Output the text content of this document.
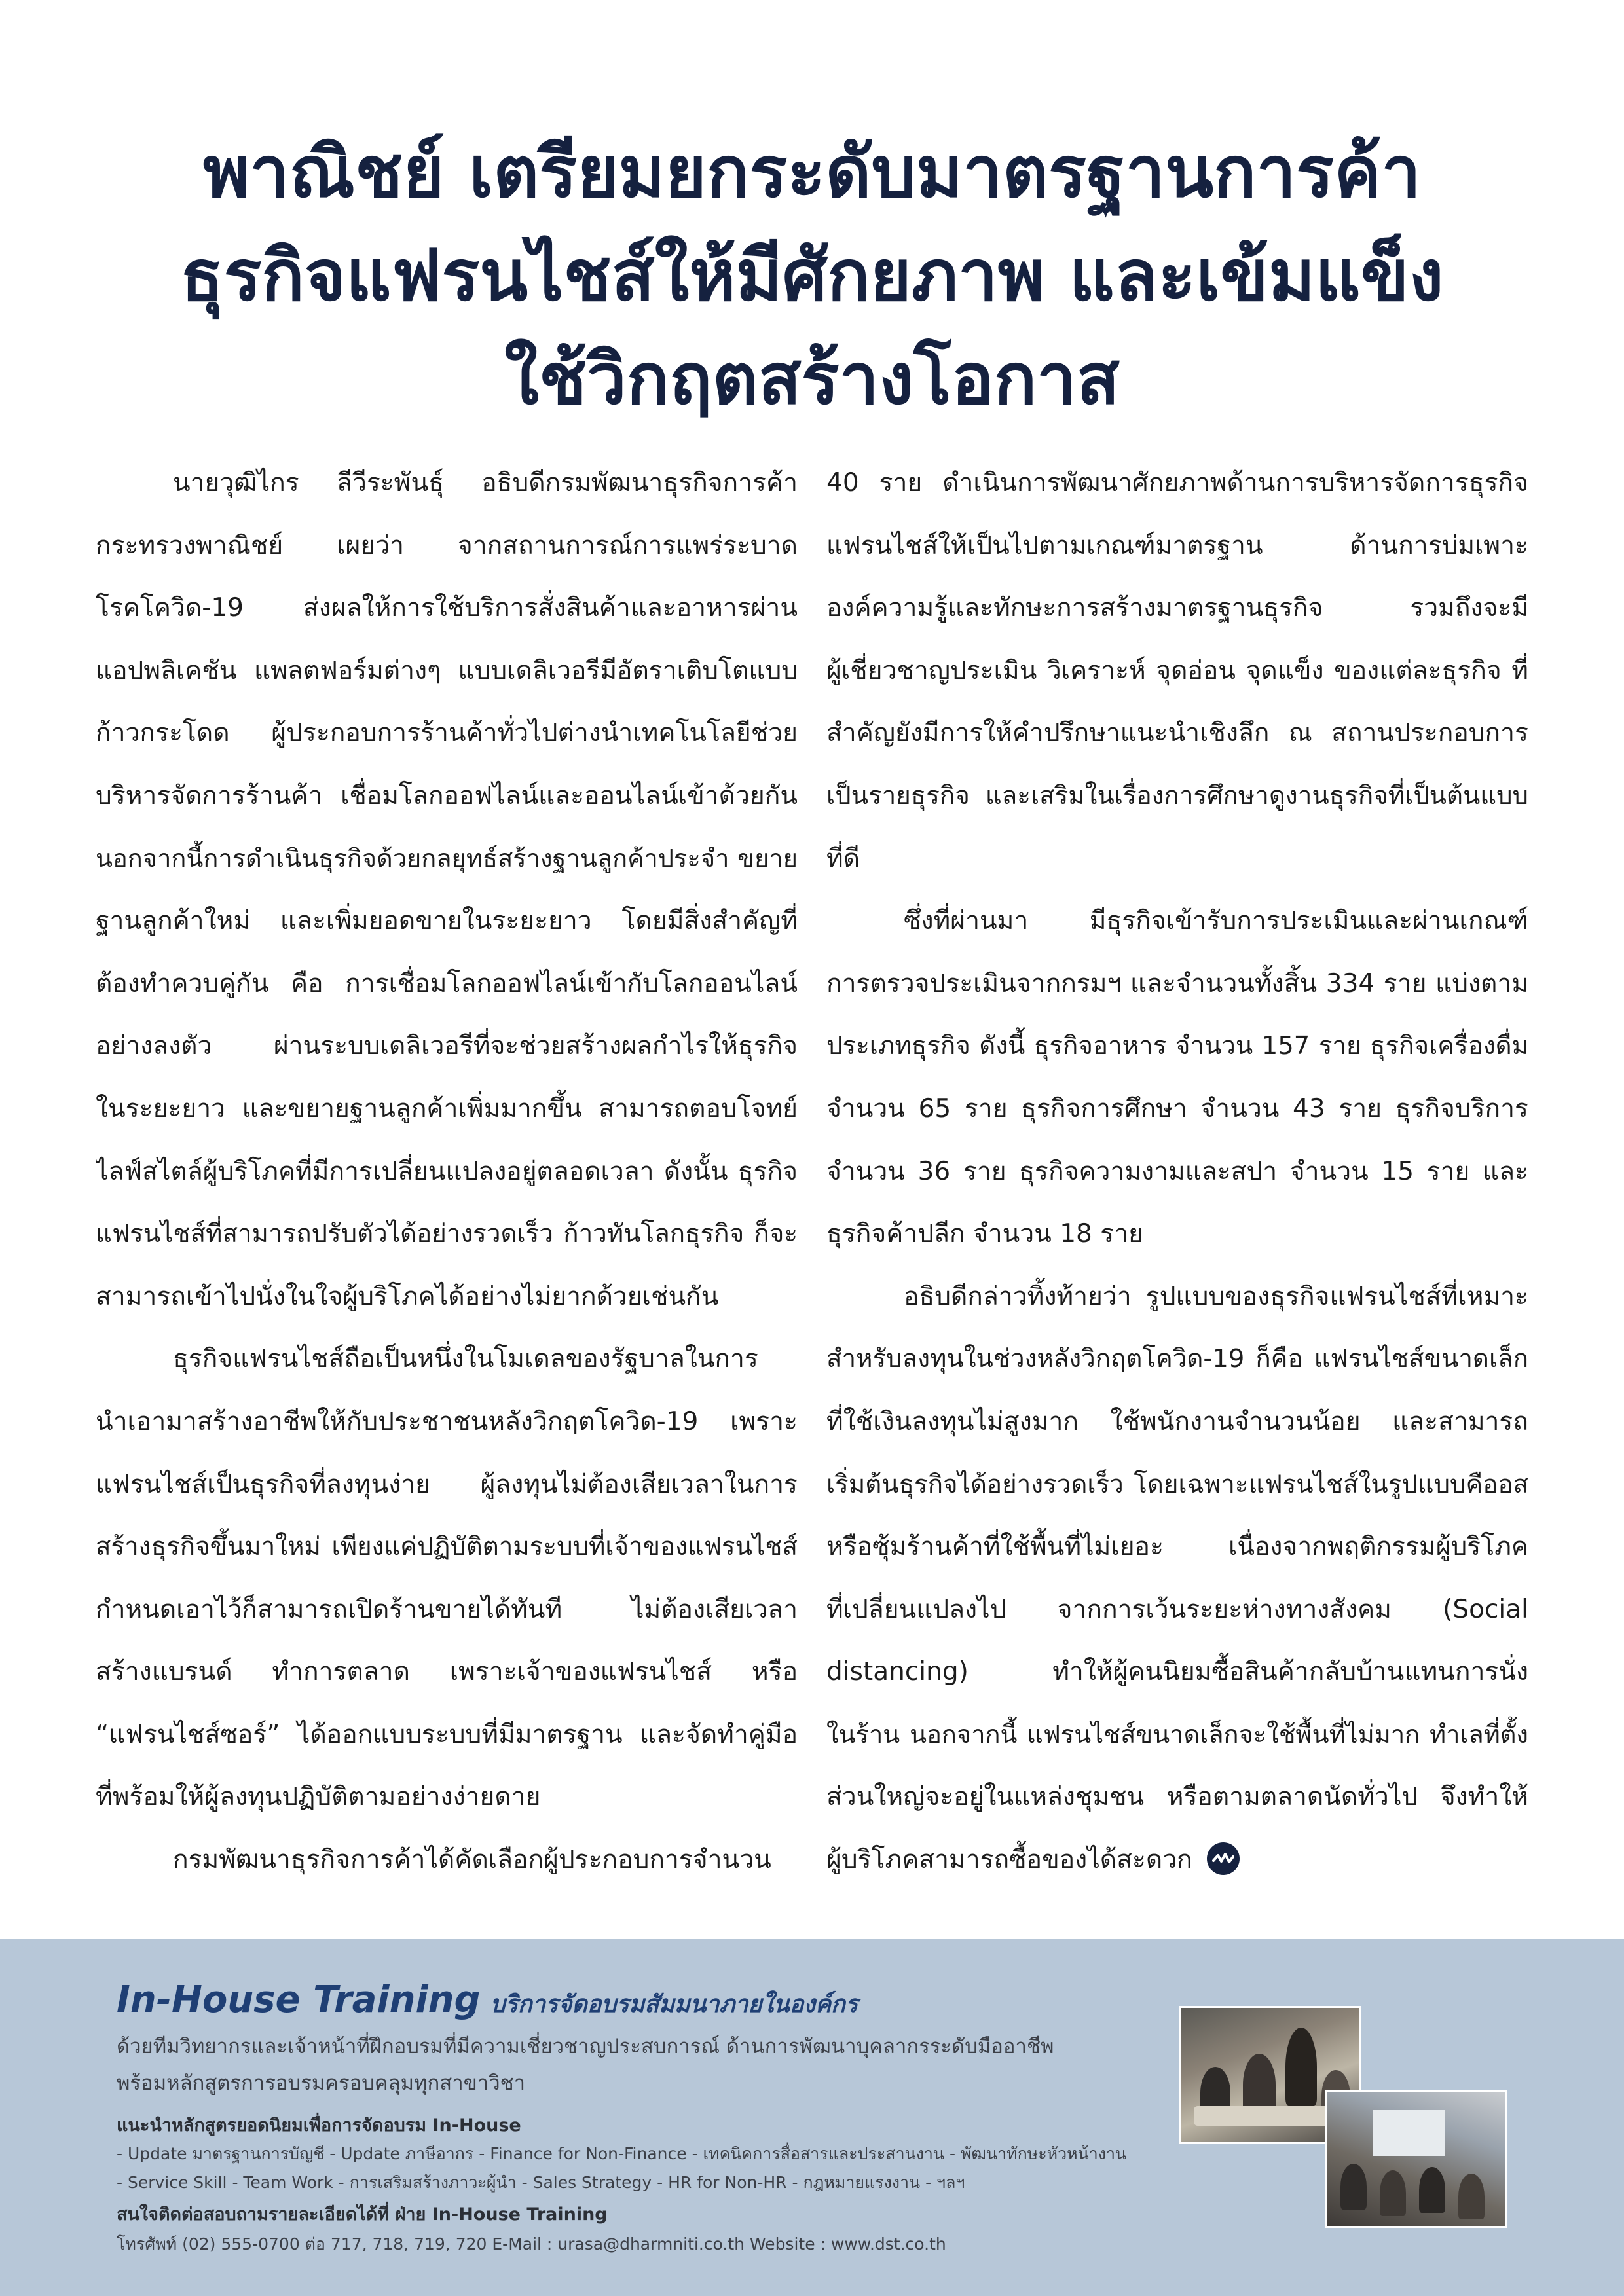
พาณิชย์ เตรียมยกระดับมาตรฐานการค้า
ธุรกิจแฟรนไชส์ให้มีศักยภาพ และเข้มแข็ง
ใช้วิกฤตสร้างโอกาส
นายวุฒิไกร ลีวีระพันธุ์ อธิบดีกรมพัฒนาธุรกิจการค้า
กระทรวงพาณิชย์ เผยว่า จากสถานการณ์การแพร่ระบาด
โรคโควิด-19 ส่งผลให้การใช้บริการสั่งสินค้าและอาหารผ่าน
แอปพลิเคชัน แพลตฟอร์มต่างๆ แบบเดลิเวอรีมีอัตราเติบโตแบบ
ก้าวกระโดด ผู้ประกอบการร้านค้าทั่วไปต่างนำเทคโนโลยีช่วย
บริหารจัดการร้านค้า เชื่อมโลกออฟไลน์และออนไลน์เข้าด้วยกัน
นอกจากนี้การดำเนินธุรกิจด้วยกลยุทธ์สร้างฐานลูกค้าประจำ ขยาย
ฐานลูกค้าใหม่ และเพิ่มยอดขายในระยะยาว โดยมีสิ่งสำคัญที่
ต้องทำควบคู่กัน คือ การเชื่อมโลกออฟไลน์เข้ากับโลกออนไลน์
อย่างลงตัว ผ่านระบบเดลิเวอรีที่จะช่วยสร้างผลกำไรให้ธุรกิจ
ในระยะยาว และขยายฐานลูกค้าเพิ่มมากขึ้น สามารถตอบโจทย์
ไลฟ์สไตล์ผู้บริโภคที่มีการเปลี่ยนแปลงอยู่ตลอดเวลา ดังนั้น ธุรกิจ
แฟรนไชส์ที่สามารถปรับตัวได้อย่างรวดเร็ว ก้าวทันโลกธุรกิจ ก็จะ
สามารถเข้าไปนั่งในใจผู้บริโภคได้อย่างไม่ยากด้วยเช่นกัน
ธุรกิจแฟรนไชส์ถือเป็นหนึ่งในโมเดลของรัฐบาลในการ
นำเอามาสร้างอาชีพให้กับประชาชนหลังวิกฤตโควิด-19 เพราะ
แฟรนไชส์เป็นธุรกิจที่ลงทุนง่าย ผู้ลงทุนไม่ต้องเสียเวลาในการ
สร้างธุรกิจขึ้นมาใหม่ เพียงแค่ปฏิบัติตามระบบที่เจ้าของแฟรนไชส์
กำหนดเอาไว้ก็สามารถเปิดร้านขายได้ทันที ไม่ต้องเสียเวลา
สร้างแบรนด์ ทำการตลาด เพราะเจ้าของแฟรนไชส์ หรือ
“แฟรนไชส์ซอร์” ได้ออกแบบระบบที่มีมาตรฐาน และจัดทำคู่มือ
ที่พร้อมให้ผู้ลงทุนปฏิบัติตามอย่างง่ายดาย
กรมพัฒนาธุรกิจการค้าได้คัดเลือกผู้ประกอบการจำนวน
40 ราย ดำเนินการพัฒนาศักยภาพด้านการบริหารจัดการธุรกิจ
แฟรนไชส์ให้เป็นไปตามเกณฑ์มาตรฐาน ด้านการบ่มเพาะ
องค์ความรู้และทักษะการสร้างมาตรฐานธุรกิจ รวมถึงจะมี
ผู้เชี่ยวชาญประเมิน วิเคราะห์ จุดอ่อน จุดแข็ง ของแต่ละธุรกิจ ที่
สำคัญยังมีการให้คำปรึกษาแนะนำเชิงลึก ณ สถานประกอบการ
เป็นรายธุรกิจ และเสริมในเรื่องการศึกษาดูงานธุรกิจที่เป็นต้นแบบ
ที่ดี
ซึ่งที่ผ่านมา มีธุรกิจเข้ารับการประเมินและผ่านเกณฑ์
การตรวจประเมินจากกรมฯ และจำนวนทั้งสิ้น 334 ราย แบ่งตาม
ประเภทธุรกิจ ดังนี้ ธุรกิจอาหาร จำนวน 157 ราย ธุรกิจเครื่องดื่ม
จำนวน 65 ราย ธุรกิจการศึกษา จำนวน 43 ราย ธุรกิจบริการ
จำนวน 36 ราย ธุรกิจความงามและสปา จำนวน 15 ราย และ
ธุรกิจค้าปลีก จำนวน 18 ราย
อธิบดีกล่าวทิ้งท้ายว่า รูปแบบของธุรกิจแฟรนไชส์ที่เหมาะ
สำหรับลงทุนในช่วงหลังวิกฤตโควิด-19 ก็คือ แฟรนไชส์ขนาดเล็ก
ที่ใช้เงินลงทุนไม่สูงมาก ใช้พนักงานจำนวนน้อย และสามารถ
เริ่มต้นธุรกิจได้อย่างรวดเร็ว โดยเฉพาะแฟรนไชส์ในรูปแบบคืออส
หรือซุ้มร้านค้าที่ใช้พื้นที่ไม่เยอะ เนื่องจากพฤติกรรมผู้บริโภค
ที่เปลี่ยนแปลงไป จากการเว้นระยะห่างทางสังคม (Social
distancing) ทำให้ผู้คนนิยมซื้อสินค้ากลับบ้านแทนการนั่ง
ในร้าน นอกจากนี้ แฟรนไชส์ขนาดเล็กจะใช้พื้นที่ไม่มาก ทำเลที่ตั้ง
ส่วนใหญ่จะอยู่ในแหล่งชุมชน หรือตามตลาดนัดทั่วไป จึงทำให้
ผู้บริโภคสามารถซื้อของได้สะดวก
In-House Training บริการจัดอบรมสัมมนาภายในองค์กร
ด้วยทีมวิทยากรและเจ้าหน้าที่ฝึกอบรมที่มีความเชี่ยวชาญประสบการณ์ ด้านการพัฒนาบุคลากรระดับมืออาชีพ
พร้อมหลักสูตรการอบรมครอบคลุมทุกสาขาวิชา
แนะนำหลักสูตรยอดนิยมเพื่อการจัดอบรม In-House
- Update มาตรฐานการบัญชี - Update ภาษีอากร - Finance for Non-Finance - เทคนิคการสื่อสารและประสานงาน - พัฒนาทักษะหัวหน้างาน
- Service Skill - Team Work - การเสริมสร้างภาวะผู้นำ - Sales Strategy - HR for Non-HR - กฎหมายแรงงาน - ฯลฯ
สนใจติดต่อสอบถามรายละเอียดได้ที่ ฝ่าย In-House Training
โทรศัพท์ (02) 555-0700 ต่อ 717, 718, 719, 720 E-Mail : urasa@dharmniti.co.th Website : www.dst.co.th
